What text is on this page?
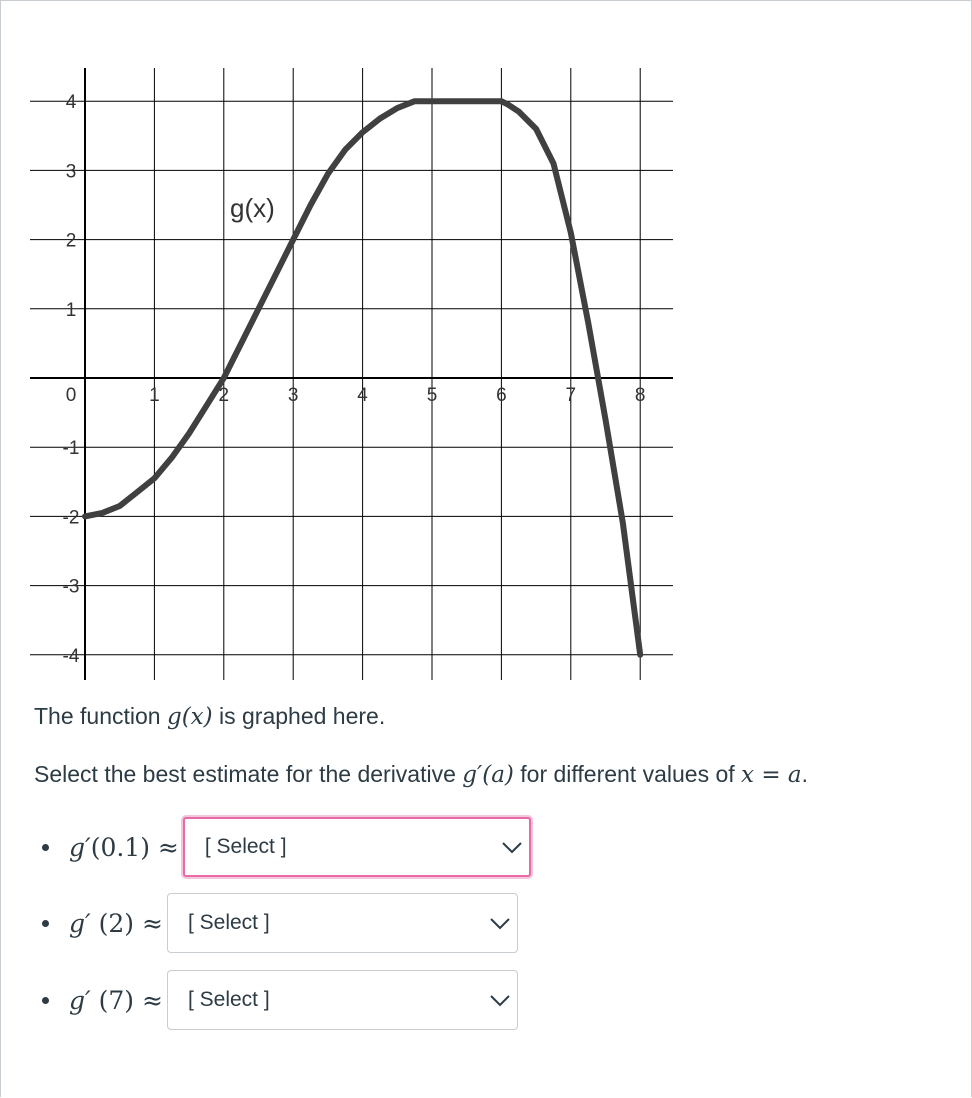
1	2	3	4	5	6	7	8
4
3
2
1
0
-1
-2
-3
-4
g(x)
The function g(x) is graphed here.
Select the best estimate for the derivative g′(a) for different values of x = a.
g′(0.1) ≈ [ Select ]
g′ (2) ≈ [ Select ]
g′ (7) ≈ [ Select ]
